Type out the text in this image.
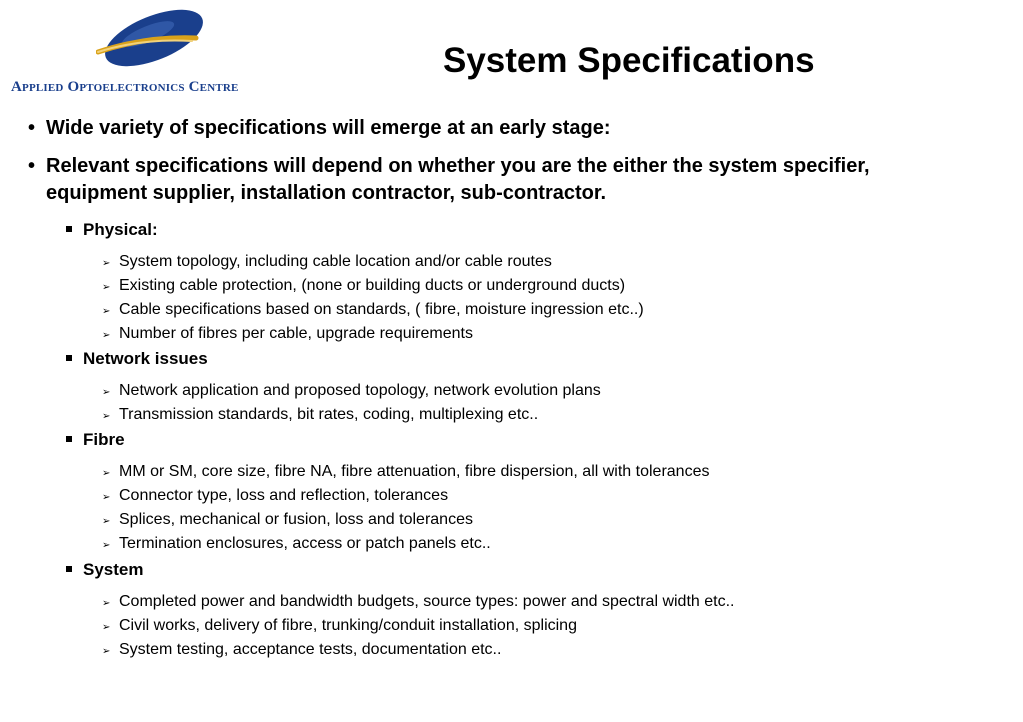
Applied Optoelectronics Centre
System Specifications
• Wide variety of specifications will emerge at an early stage:
• Relevant specifications will depend on whether you are the either the system specifier, equipment supplier, installation contractor, sub-contractor.
Physical:
➢ System topology, including cable location and/or cable routes
➢ Existing cable protection, (none or building ducts or underground ducts)
➢ Cable specifications based on standards, ( fibre, moisture ingression etc..)
➢ Number of fibres per cable, upgrade requirements
Network issues
➢ Network application and proposed topology, network evolution plans
➢ Transmission standards, bit rates, coding, multiplexing etc..
Fibre
➢ MM or SM, core size, fibre NA, fibre attenuation, fibre dispersion, all with tolerances
➢ Connector type, loss and reflection, tolerances
➢ Splices, mechanical or fusion, loss and tolerances
➢ Termination enclosures, access or patch panels etc..
System
➢ Completed power and bandwidth budgets, source types: power and spectral width etc..
➢ Civil works, delivery of fibre, trunking/conduit installation, splicing
➢ System testing, acceptance tests, documentation etc..
